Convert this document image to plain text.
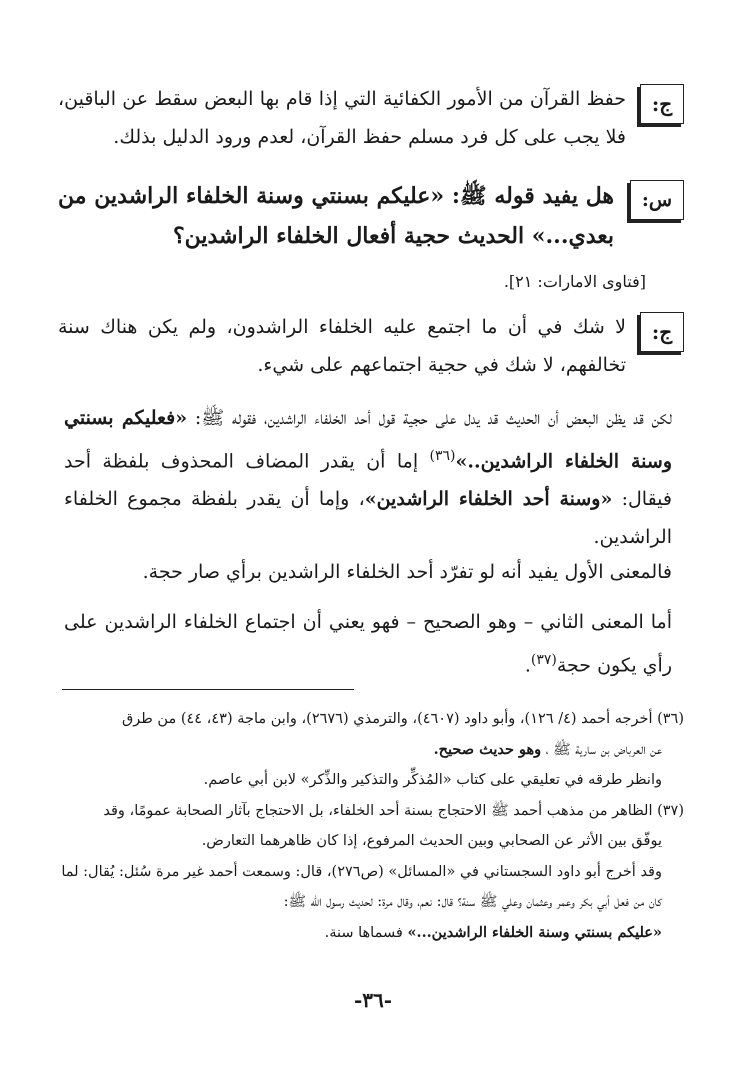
ج:
حفظ القرآن من الأمور الكفائية التي إذا قام بها البعض سقط عن الباقين، فلا يجب على كل فرد مسلم حفظ القرآن، لعدم ورود الدليل بذلك.
س:
هل يفيد قوله ﷺ: «عليكم بسنتي وسنة الخلفاء الراشدين من بعدي...» الحديث حجية أفعال الخلفاء الراشدين؟
[فتاوى الامارات: ٢١].
ج:
لا شك في أن ما اجتمع عليه الخلفاء الراشدون، ولم يكن هناك سنة تخالفهم، لا شك في حجية اجتماعهم على شيء.
لكن قد يظن البعض أن الحديث قد يدل على حجية قول أحد الخلفاء الراشدين، فقوله ﷺ: «فعليكم بسنتي وسنة الخلفاء الراشدين..»$^{(٣٦)}$ إما أن يقدر المضاف المحذوف بلفظة أحد فيقال: «وسنة أحد الخلفاء الراشدين»، وإما أن يقدر بلفظة مجموع الخلفاء الراشدين.
فالمعنى الأول يفيد أنه لو تفرّد أحد الخلفاء الراشدين برأي صار حجة.
أما المعنى الثاني – وهو الصحيح – فهو يعني أن اجتماع الخلفاء الراشدين على رأي يكون حجة$^{(٣٧)}$.

(٣٦) أخرجه أحمد (٤/ ١٢٦)، وأبو داود (٤٦٠٧)، والترمذي (٢٦٧٦)، وابن ماجة (٤٣، ٤٤) من طرق

عن العرباض بن سارية ﷺ ، وهو حديث صحيح.

وانظر طرقه في تعليقي على كتاب «المُذكِّر والتذكير والذِّكر» لابن أبي عاصم.

(٣٧) الظاهر من مذهب أحمد ﷺ الاحتجاج بسنة أحد الخلفاء، بل الاحتجاج بآثار الصحابة عمومًا، وقد

يوفّق بين الأثر عن الصحابي وبين الحديث المرفوع، إذا كان ظاهرهما التعارض.

وقد أخرج أبو داود السجستاني في «المسائل» (ص٢٧٦)، قال: وسمعت أحمد غير مرة سُئل: يُقال: لما

كان من فعل أبي بكر وعمر وعثمان وعلي ﷺ سنة؟ قال: نعم، وقال مرة: لحديث رسول الله ﷺ:

«عليكم بسنتي وسنة الخلفاء الراشدين...» فسماها سنة.

-٣٦-
